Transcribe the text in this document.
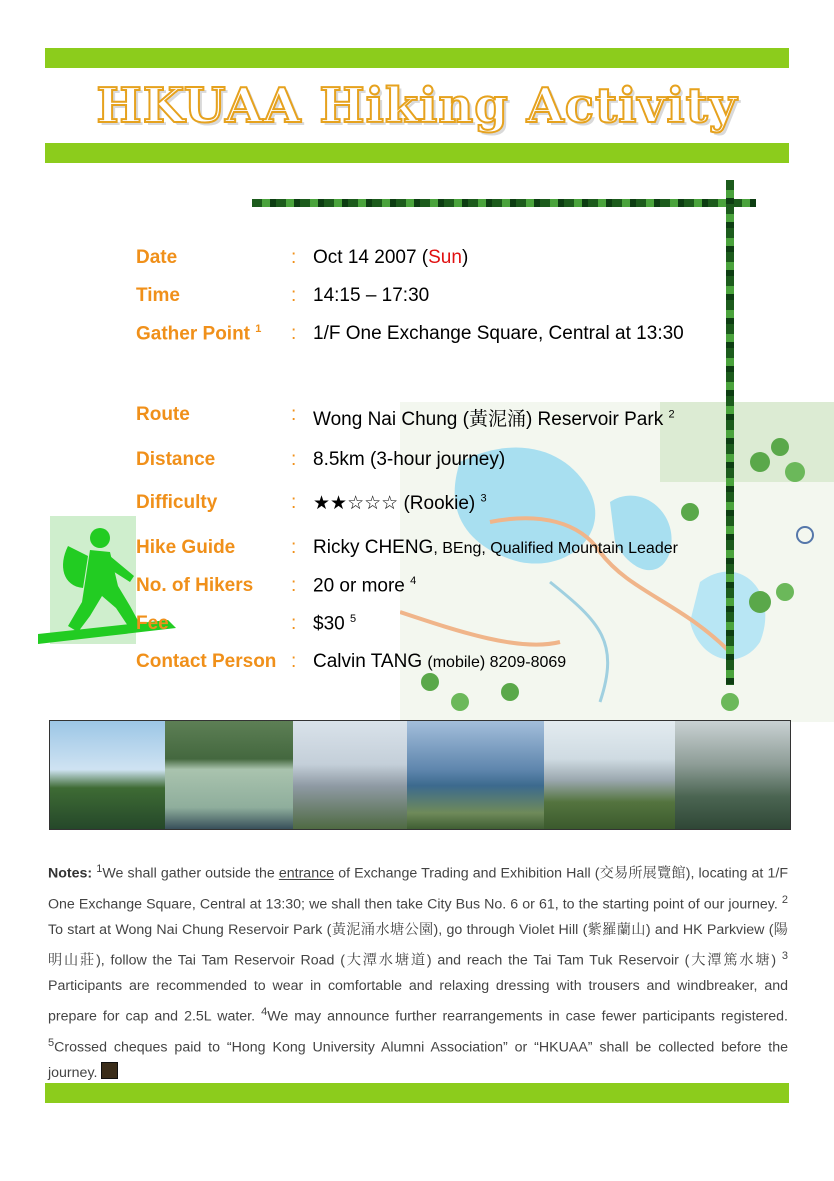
HKUAA Hiking Activity
Date	: Oct 14 2007 (Sun)
Time	: 14:15 – 17:30
Gather Point $^1$ : 1/F One Exchange Square, Central at 13:30
Route	: Wong Nai Chung (黃泥涌) Reservoir Park $^2$
Distance	: 8.5km (3-hour journey)
Difficulty	: ★★☆☆☆ (Rookie) $^3$
Hike Guide	: Ricky CHENG, BEng, Qualified Mountain Leader
No. of Hikers : 20 or more $^4$
Fee	: $30 $^5$
Contact Person : Calvin TANG (mobile) 8209-8069
Notes: $^1$We shall gather outside the entrance of Exchange Trading and Exhibition Hall (交易所展覽館), locating at 1/F One Exchange Square, Central at 13:30; we shall then take City Bus No. 6 or 61, to the starting point of our journey. $^2$ To start at Wong Nai Chung Reservoir Park (黃泥涌水塘公園), go through Violet Hill (紫羅蘭山) and HK Parkview (陽明山莊), follow the Tai Tam Reservoir Road (大潭水塘道) and reach the Tai Tam Tuk Reservoir (大潭篤水塘) $^3$ Participants are recommended to wear in comfortable and relaxing dressing with trousers and windbreaker, and prepare for cap and 2.5L water. $^4$We may announce further rearrangements in case fewer participants registered. $^5$Crossed cheques paid to “Hong Kong University Alumni Association” or “HKUAA” shall be collected before the journey.
